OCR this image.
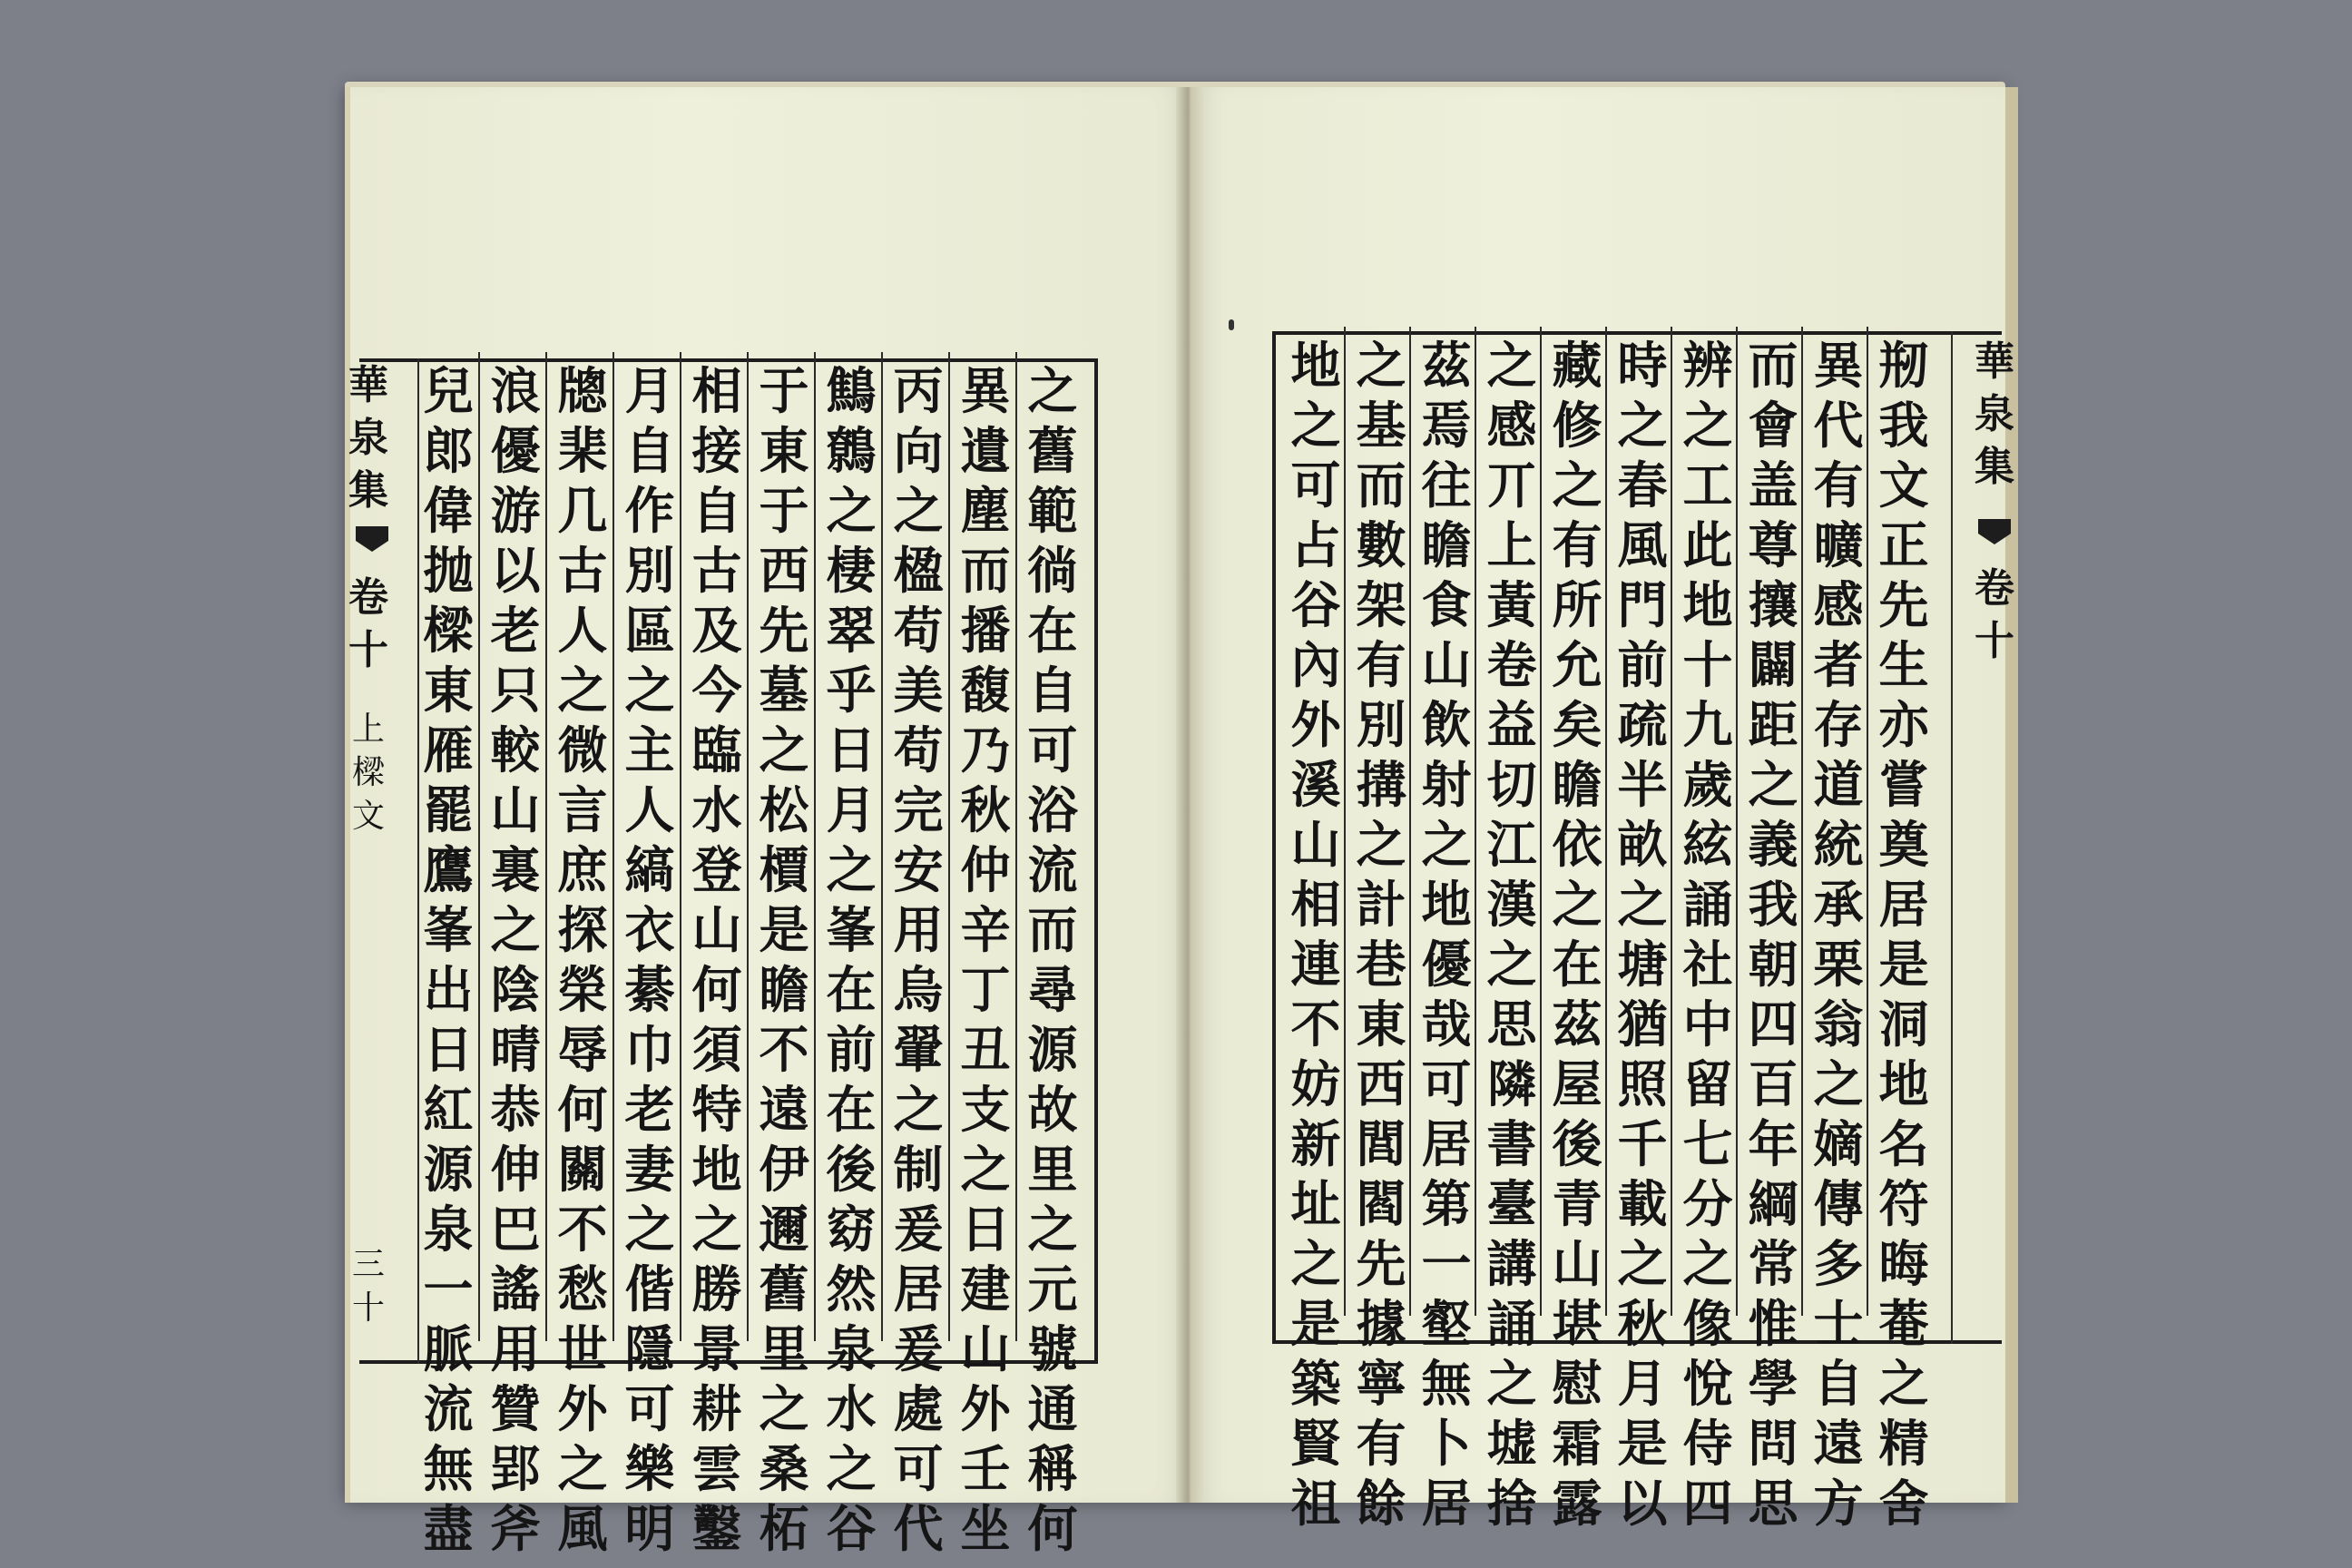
華
泉
集
卷
十
上
樑
文
三
十
之
舊
範
徜
在
自
可
浴
流
而
尋
源
故
里
之
元
號
通
稱
何
異
遺
塵
而
播
馥
乃
秋
仲
辛
丁
丑
支
之
日
建
山
外
壬
坐
丙
向
之
楹
苟
美
苟
完
安
用
烏
翬
之
制
爰
居
爰
處
可
代
鷦
鷯
之
棲
翠
乎
日
月
之
峯
在
前
在
後
窈
然
泉
水
之
谷
于
東
于
西
先
墓
之
松
檟
是
瞻
不
遠
伊
邇
舊
里
之
桑
柘
相
接
自
古
及
今
臨
水
登
山
何
須
特
地
之
勝
景
耕
雲
鑿
月
自
作
別
區
之
主
人
縞
衣
綦
巾
老
妻
之
偕
隱
可
樂
明
牕
棐
几
古
人
之
微
言
庶
探
榮
辱
何
關
不
愁
世
外
之
風
浪
優
游
以
老
只
較
山
裏
之
陰
晴
恭
伸
巴
謠
用
贊
郢
斧
兒
郎
偉
抛
樑
東
雁
罷
鷹
峯
出
日
紅
源
泉
一
脈
流
無
盡
華
泉
集
卷
十
剏
我
文
正
先
生
亦
嘗
奠
居
是
洞
地
名
符
晦
菴
之
精
舍
異
代
有
曠
感
者
存
道
統
承
栗
翁
之
嫡
傳
多
士
自
遠
方
而
會
盖
尊
攘
闢
距
之
義
我
朝
四
百
年
綱
常
惟
學
問
思
辨
之
工
此
地
十
九
歲
絃
誦
社
中
留
七
分
之
像
悅
侍
四
時
之
春
風
門
前
疏
半
畝
之
塘
猶
照
千
載
之
秋
月
是
以
藏
修
之
有
所
允
矣
瞻
依
之
在
茲
屋
後
青
山
堪
慰
霜
露
之
感
丌
上
黃
卷
益
切
江
漢
之
思
隣
書
臺
講
誦
之
墟
捨
茲
焉
往
瞻
食
山
飲
射
之
地
優
哉
可
居
第
一
壑
無
卜
居
之
基
而
數
架
有
別
搆
之
計
巷
東
西
閭
閻
先
據
寧
有
餘
地
之
可
占
谷
內
外
溪
山
相
連
不
妨
新
址
之
是
築
賢
祖
